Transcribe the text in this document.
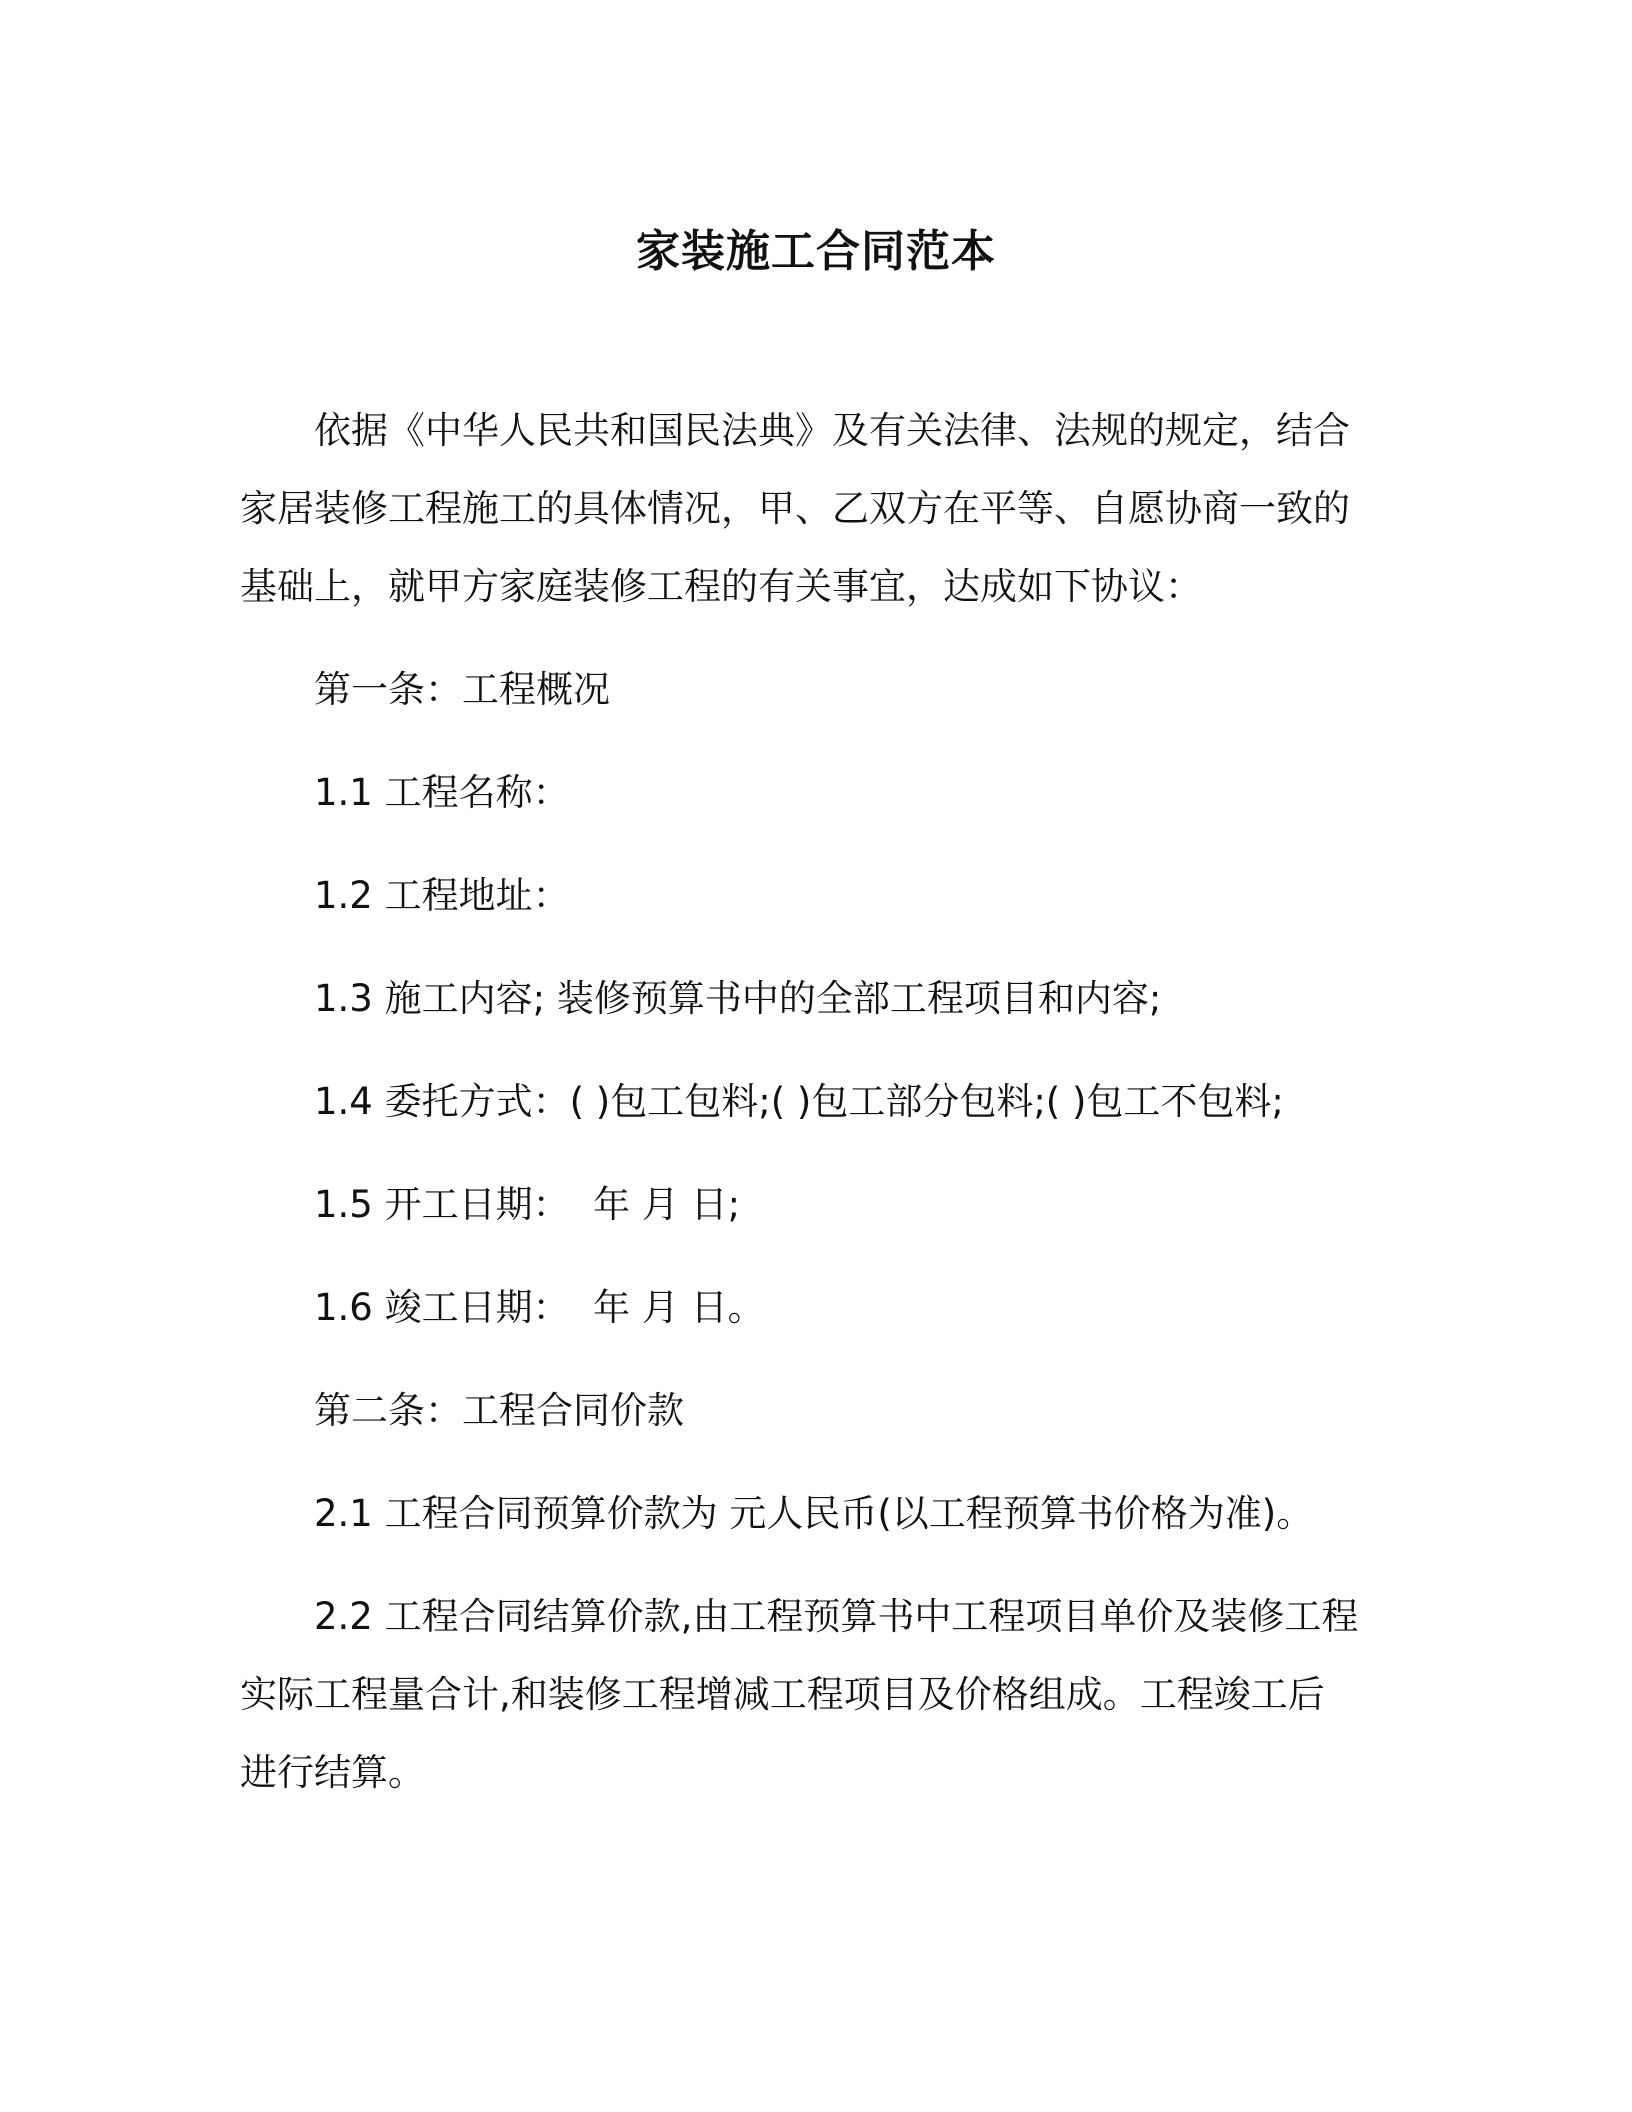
家装施工合同范本

依据《中华人民共和国民法典》及有关法律、法规的规定，结合家居装修工程施工的具体情况，甲、乙双方在平等、自愿协商一致的基础上，就甲方家庭装修工程的有关事宜，达成如下协议：

第一条：工程概况

1.1 工程名称：

1.2 工程地址：

1.3 施工内容; 装修预算书中的全部工程项目和内容;

1.4 委托方式：( )包工包料;( )包工部分包料;( )包工不包料;

1.5 开工日期：  年 月 日;

1.6 竣工日期：  年 月 日。

第二条：工程合同价款

2.1 工程合同预算价款为 元人民币(以工程预算书价格为准)。

2.2 工程合同结算价款,由工程预算书中工程项目单价及装修工程实际工程量合计,和装修工程增减工程项目及价格组成。工程竣工后进行结算。
